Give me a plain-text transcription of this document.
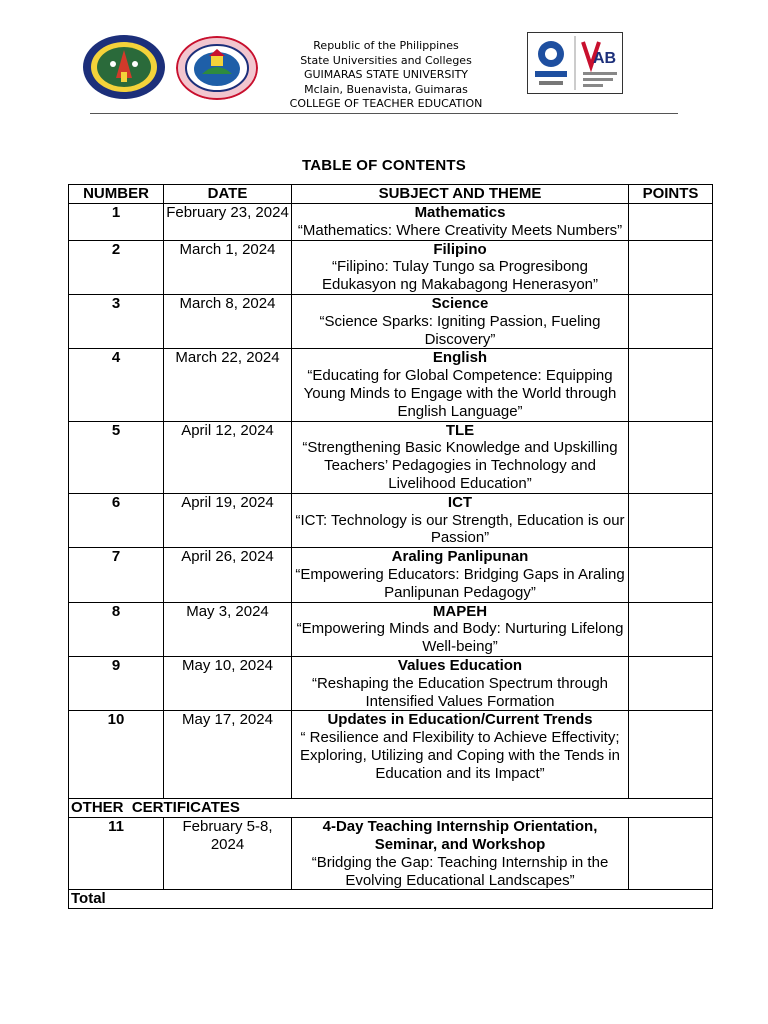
Republic of the Philippines
State Universities and Colleges
GUIMARAS STATE UNIVERSITY
Mclain, Buenavista, Guimaras
COLLEGE OF TEACHER EDUCATION
AB
TABLE OF CONTENTS
NUMBER	DATE	SUBJECT AND THEME	POINTS
1	February 23, 2024	Mathematics
“Mathematics: Where Creativity Meets Numbers”	

2	March 1, 2024	Filipino
“Filipino: Tulay Tungo sa Progresibong Edukasyon ng Makabagong Henerasyon”	

3	March 8, 2024	Science
“Science Sparks: Igniting Passion, Fueling Discovery”	

4	March 22, 2024	English
“Educating for Global Competence: Equipping Young Minds to Engage with the World through English Language”	

5	April 12, 2024	TLE
“Strengthening Basic Knowledge and Upskilling Teachers’ Pedagogies in Technology and Livelihood Education”	

6	April 19, 2024	ICT
“ICT: Technology is our Strength, Education is our Passion”	

7	April 26, 2024	Araling Panlipunan
“Empowering Educators: Bridging Gaps in Araling Panlipunan Pedagogy”	

8	May 3, 2024	MAPEH
“Empowering Minds and Body: Nurturing Lifelong Well-being”	

9	May 10, 2024	Values Education
“Reshaping the Education Spectrum through Intensified Values Formation	

10	May 17, 2024	Updates in Education/Current Trends
“ Resilience and Flexibility to Achieve Effectivity; Exploring, Utilizing and Coping with the Tends in Education and its Impact”	

OTHER  CERTIFICATES			
11	February 5-8, 2024	4-Day Teaching Internship Orientation, Seminar, and Workshop
“Bridging the Gap: Teaching Internship in the Evolving Educational Landscapes”	

Total			
